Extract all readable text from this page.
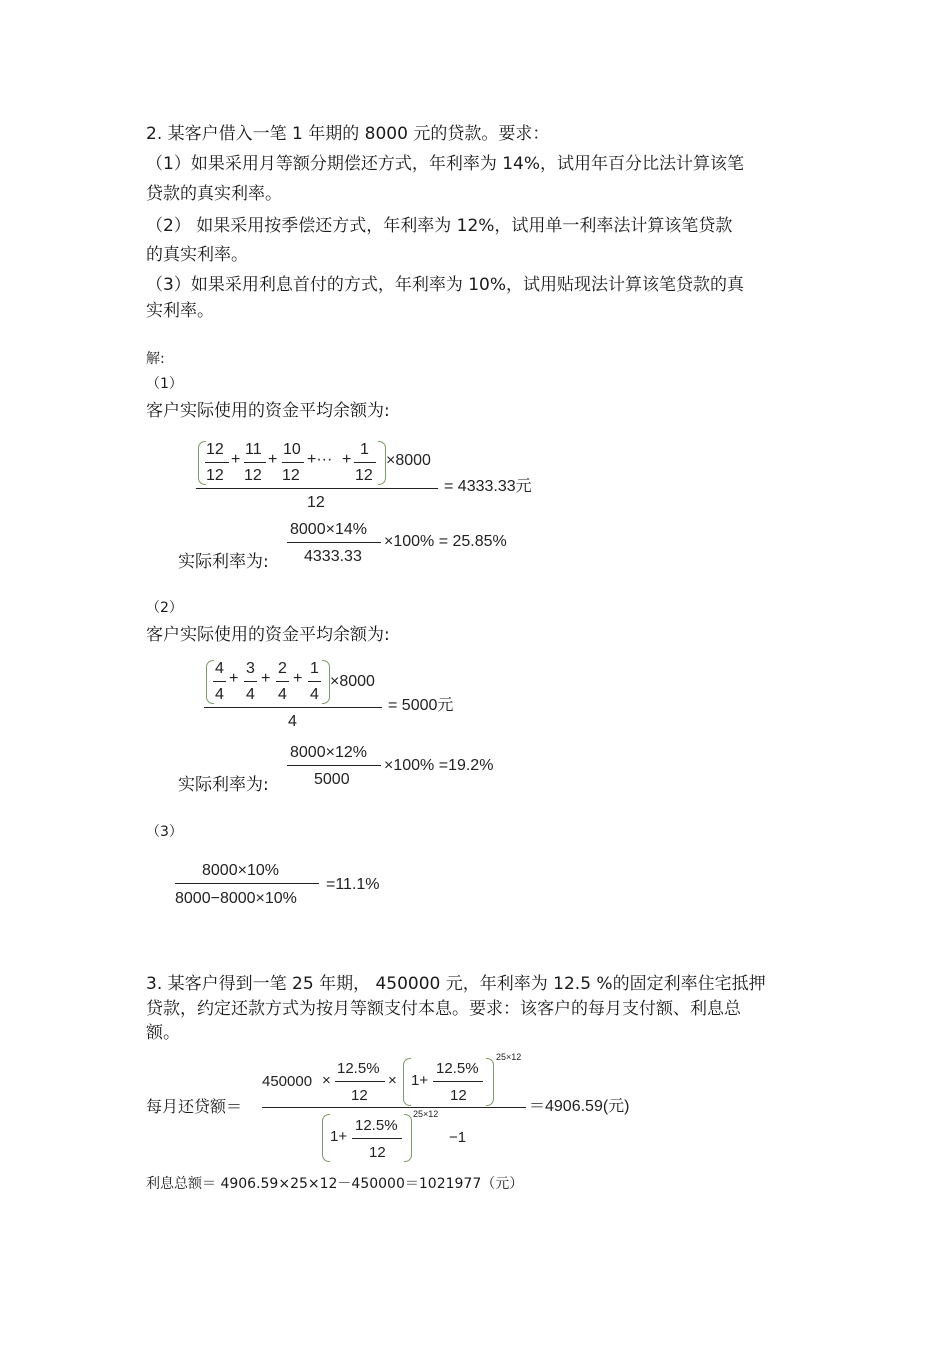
2. 某客户借入一笔 1 年期的 8000 元的贷款。要求：
（1）如果采用月等额分期偿还方式，年利率为 14%，试用年百分比法计算该笔
贷款的真实利率。
（2） 如果采用按季偿还方式，年利率为 12%，试用单一利率法计算该笔贷款
的真实利率。
（3）如果采用利息首付的方式，年利率为 10%，试用贴现法计算该笔贷款的真
实利率。
解:
（1）
客户实际使用的资金平均余额为:
12
12
+
11
12
+
10
12
+··· +
1
12
×8000
12
= 4333.33元
8000×14%
4333.33
×100% = 25.85%
实际利率为:
（2）
客户实际使用的资金平均余额为:
4
4
+
3
4
+
2
4
+
1
4
×8000
4
= 5000元
8000×12%
5000
×100% =19.2%
实际利率为:
（3）
8000×10%
8000−8000×10%
=11.1%
3. 某客户得到一笔 25 年期， 450000 元，年利率为 12.5 %的固定利率住宅抵押
贷款，约定还款方式为按月等额支付本息。要求：该客户的每月支付额、利息总
额。
每月还贷额＝
450000 ×
12.5%
12
× 1+
12.5%
12
25×12
1+
12.5%
12
25×12
−1
＝4906.59(元)
利息总额＝ 4906.59×25×12－450000＝1021977（元）
